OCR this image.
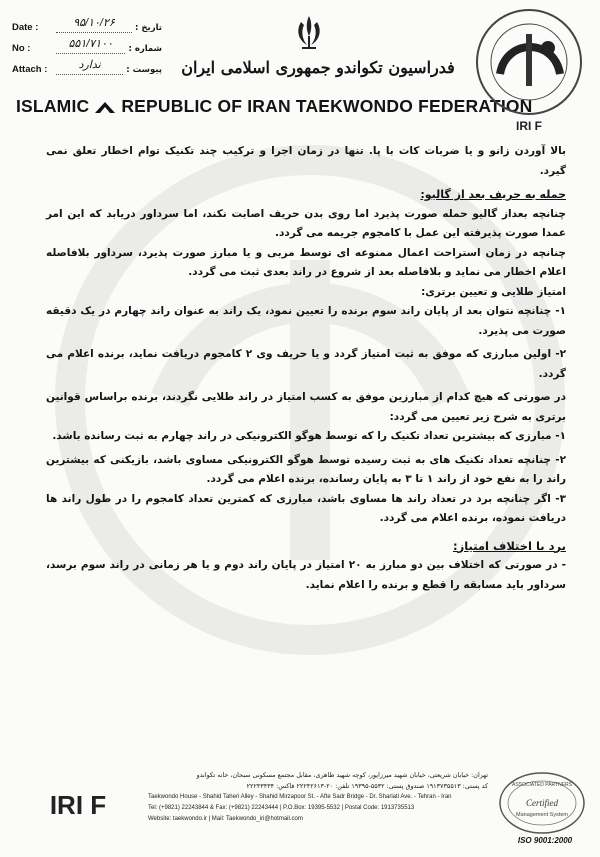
Date :	۹۵/۱۰/۲۶	تاریخ :
No :	۵۵۱/۷۱۰۰	شماره :
Attach :	ندارد	پیوست : فدراسیون تکواندو جمهوری اسلامی ایران
ISLAMIC REPUBLIC OF IRAN TAEKWONDO FEDERATION
IRI F

بالا آوردن زانو و یا ضربات کات با پا. تنها در زمان اجرا و ترکیب چند تکنیک توام اخطار تعلق نمی گیرد.

حمله به حریف بعد از گالیو:

چنانچه بعداز گالیو حمله صورت پذیرد اما روی بدن حریف اصابت نکند، اما سرداور دریابد که این امر عمدا صورت پذیرفته این عمل با کامجوم جریمه می گردد.

چنانچه در زمان استراحت اعمال ممنوعه ای توسط مربی و یا مبارز صورت پذیرد، سرداور بلافاصله اعلام اخطار می نماید و بلافاصله بعد از شروع در راند بعدی ثبت می گردد.

امتیاز طلایی و تعیین برتری:

۱- چنانچه نتوان بعد از پایان راند سوم برنده را تعیین نمود، یک راند به عنوان راند چهارم در یک دقیقه صورت می پذیرد.

۲- اولین مبارزی که موفق به ثبت امتیاز گردد و یا حریف وی ۲ کامجوم دریافت نماید، برنده اعلام می گردد.

در صورتی که هیچ کدام از مبارزین موفق به کسب امتیاز در راند طلایی نگردند، برنده براساس قوانین برتری به شرح زیر تعیین می گردد:

۱- مبارزی که بیشترین تعداد تکنیک را که توسط هوگو الکترونیکی در راند چهارم به ثبت رسانده باشد.

۲- چنانچه تعداد تکنیک های به ثبت رسیده توسط هوگو الکترونیکی مساوی باشد، بازیکنی که بیشترین راند را به نفع خود از راند ۱ تا ۳ به پایان رسانده، برنده اعلام می گردد.

۳- اگر چنانچه برد در تعداد راند ها مساوی باشد، مبارزی که کمترین تعداد کامجوم را در طول راند ها دریافت نموده، برنده اعلام می گردد.

برد با اختلاف امتیاز:

- در صورتی که اختلاف بین دو مبارز به ۲۰ امتیاز در پایان راند دوم و یا هر زمانی در راند سوم برسد، سرداور باید مسابقه را قطع و برنده را اعلام نماید.

IRI F
تهران: خیابان شریعتی، خیابان شهید میرزاپور، کوچه شهید طاهری، مقابل مجتمع مسکونی سبحان، خانه تکواندو
کد پستی: ۱۹۱۳۷۳۵۵۱۳ صندوق پستی: ۵۵۳۲-۱۹۳۹۵ تلفن: ۲۰-۲۲۲۴۲۶۱۳ فاکس: ۲۲۲۴۳۴۳۴
Taekwondo House - Shahid Taheri Alley - Shahid Mirzapoor St. - Afte Sadr Bridge - Dr. Shariati Ave. - Tehran - Iran
Tel: (+9821) 22243844 & Fax: (+9821) 22243444 | P.O.Box: 19395-5532 | Postal Code: 1913735513
Website: taekwondo.ir | Mail: Taekwondo_iri@hotmail.com
ASSOCIATED PARTNERS
Certified
Management System
ISO 9001:2000
